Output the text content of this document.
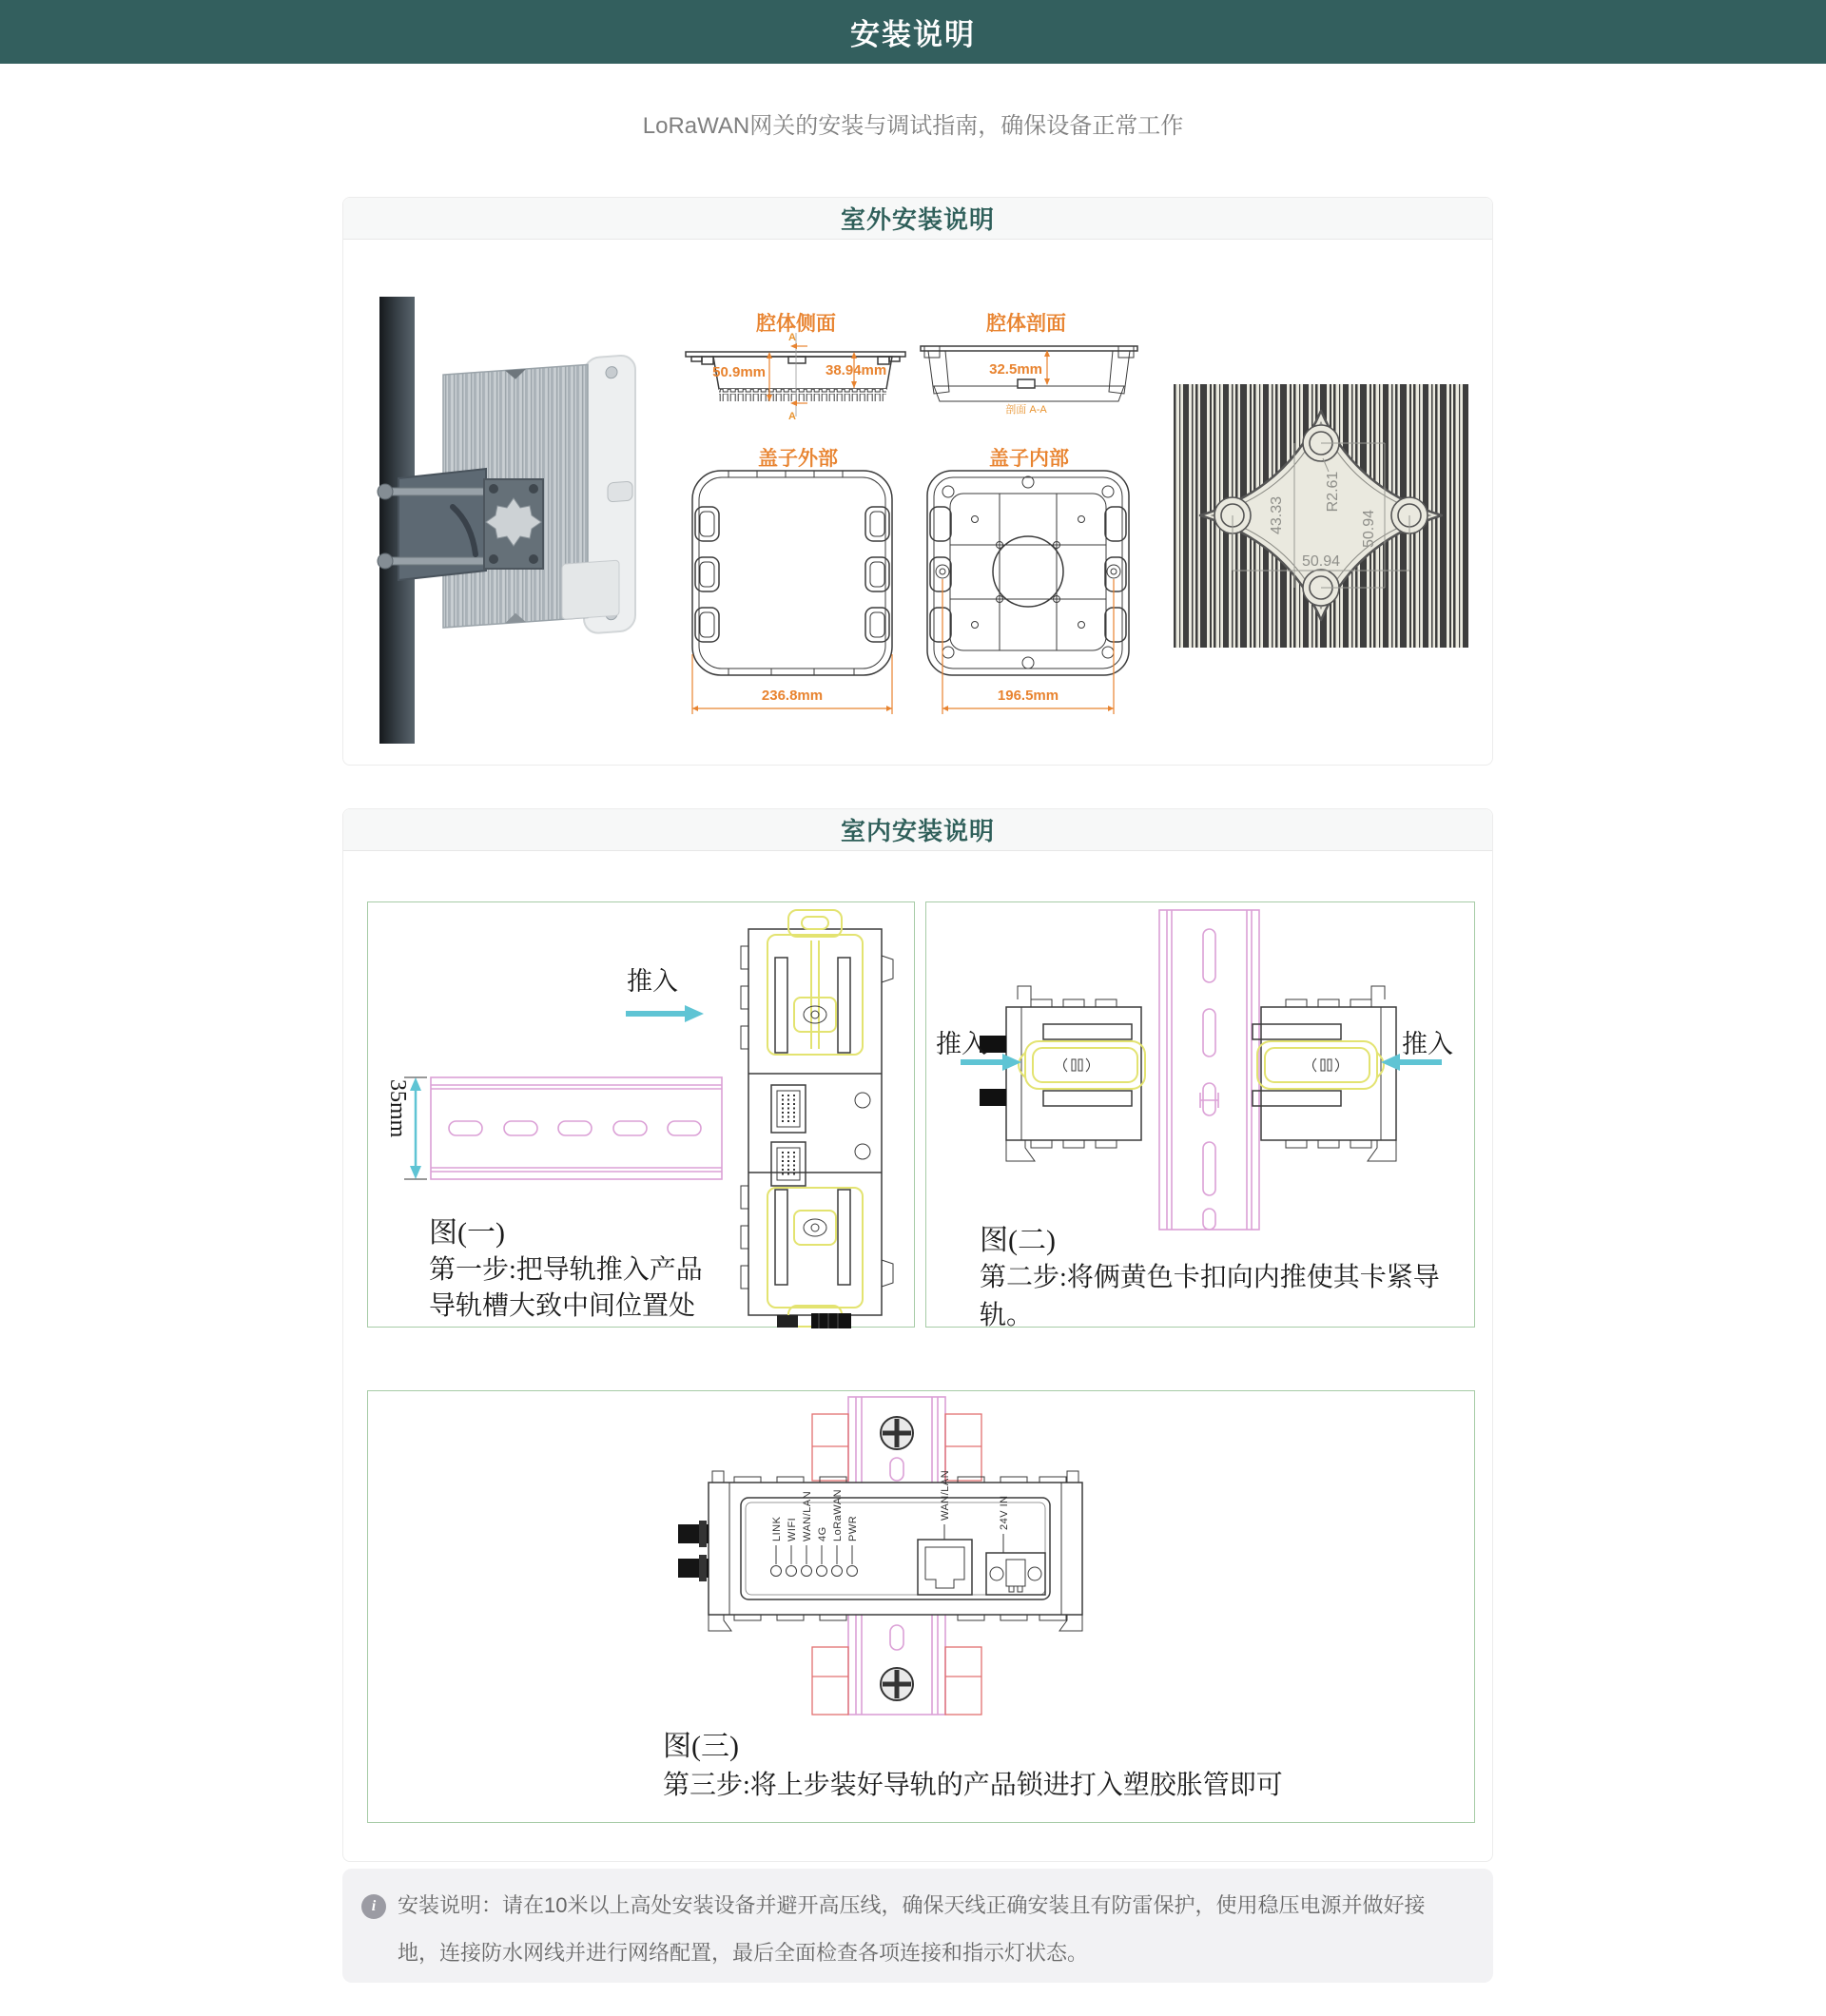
安装说明

LoRaWAN网关的安装与调试指南，确保设备正常工作

室外安装说明
腔体侧面
50.9mm	38.94mm
A
A
腔体剖面
32.5mm
剖面 A-A
盖子外部
236.8mm
盖子内部
196.5mm
43.33
R2.61
50.94
50.94
室内安装说明
推入
35mm
图(一)
第一步:把导轨推入产品
导轨槽大致中间位置处
推入	推入
图(二)
第二步:将俩黄色卡扣向内推使其卡紧导轨。
LINK WIFI WAN/LAN 4G LoRaWAN PWR
WAN/LAN	24V IN
图(三)
第三步:将上步装好导轨的产品锁进打入塑胶胀管即可
i	安装说明：请在10米以上高处安装设备并避开高压线，确保天线正确安装且有防雷保护，使用稳压电源并做好接地，连接防水网线并进行网络配置，最后全面检查各项连接和指示灯状态。
